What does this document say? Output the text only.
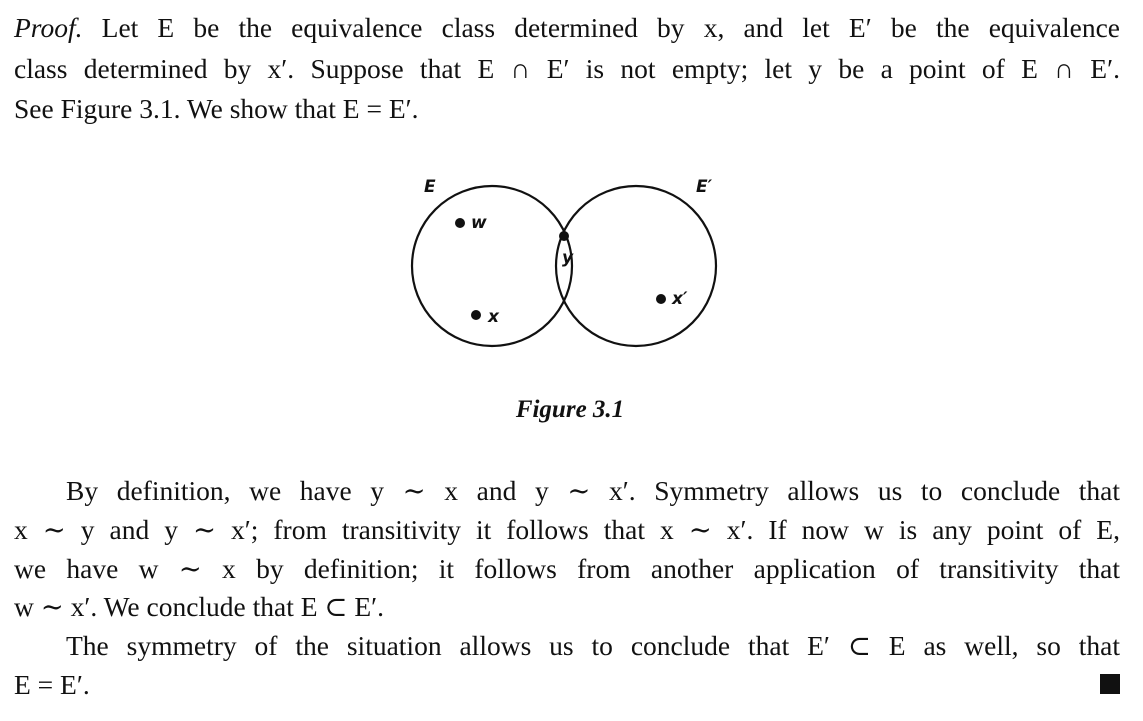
Proof. Let E be the equivalence class determined by x, and let E′ be the equivalence
class determined by x′. Suppose that E ∩ E′ is not empty; let y be a point of E ∩ E′.
See Figure 3.1. We show that E = E′.
E	E′
w
x
y
x′
Figure 3.1
By definition, we have y ∼ x and y ∼ x′. Symmetry allows us to conclude that
x ∼ y and y ∼ x′; from transitivity it follows that x ∼ x′. If now w is any point of E,
we have w ∼ x by definition; it follows from another application of transitivity that
w ∼ x′. We conclude that E ⊂ E′.
The symmetry of the situation allows us to conclude that E′ ⊂ E as well, so that
E = E′.
